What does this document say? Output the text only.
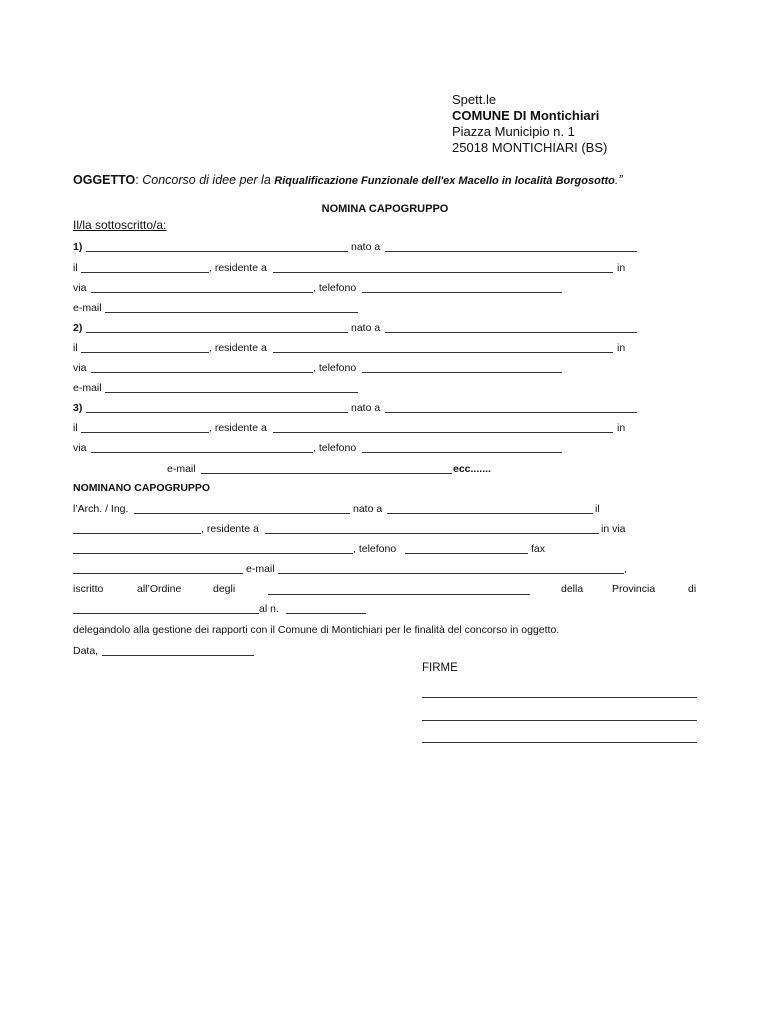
Spett.le
COMUNE DI Montichiari
Piazza Municipio n. 1
25018 MONTICHIARI (BS)
OGGETTO: Concorso di idee per la Riqualificazione Funzionale dell'ex Macello in località Borgosotto.”
NOMINA CAPOGRUPPO
Il/la sottoscritto/a:
1)	nato a
il	, residente a	in
via	, telefono
e-mail
2)	nato a
il	, residente a	in
via	, telefono
e-mail
3)	nato a
il	, residente a	in
via	, telefono
e-mail	ecc.......
NOMINANO CAPOGRUPPO
l’Arch. / Ing.	nato a	il
, residente a	in via
, telefono	fax
e-mail	,
iscritto	all’Ordine	degli	della	Provincia	di
al n.
delegandolo alla gestione dei rapporti con il Comune di Montichiari per le finalità del concorso in oggetto.
Data,
FIRME
